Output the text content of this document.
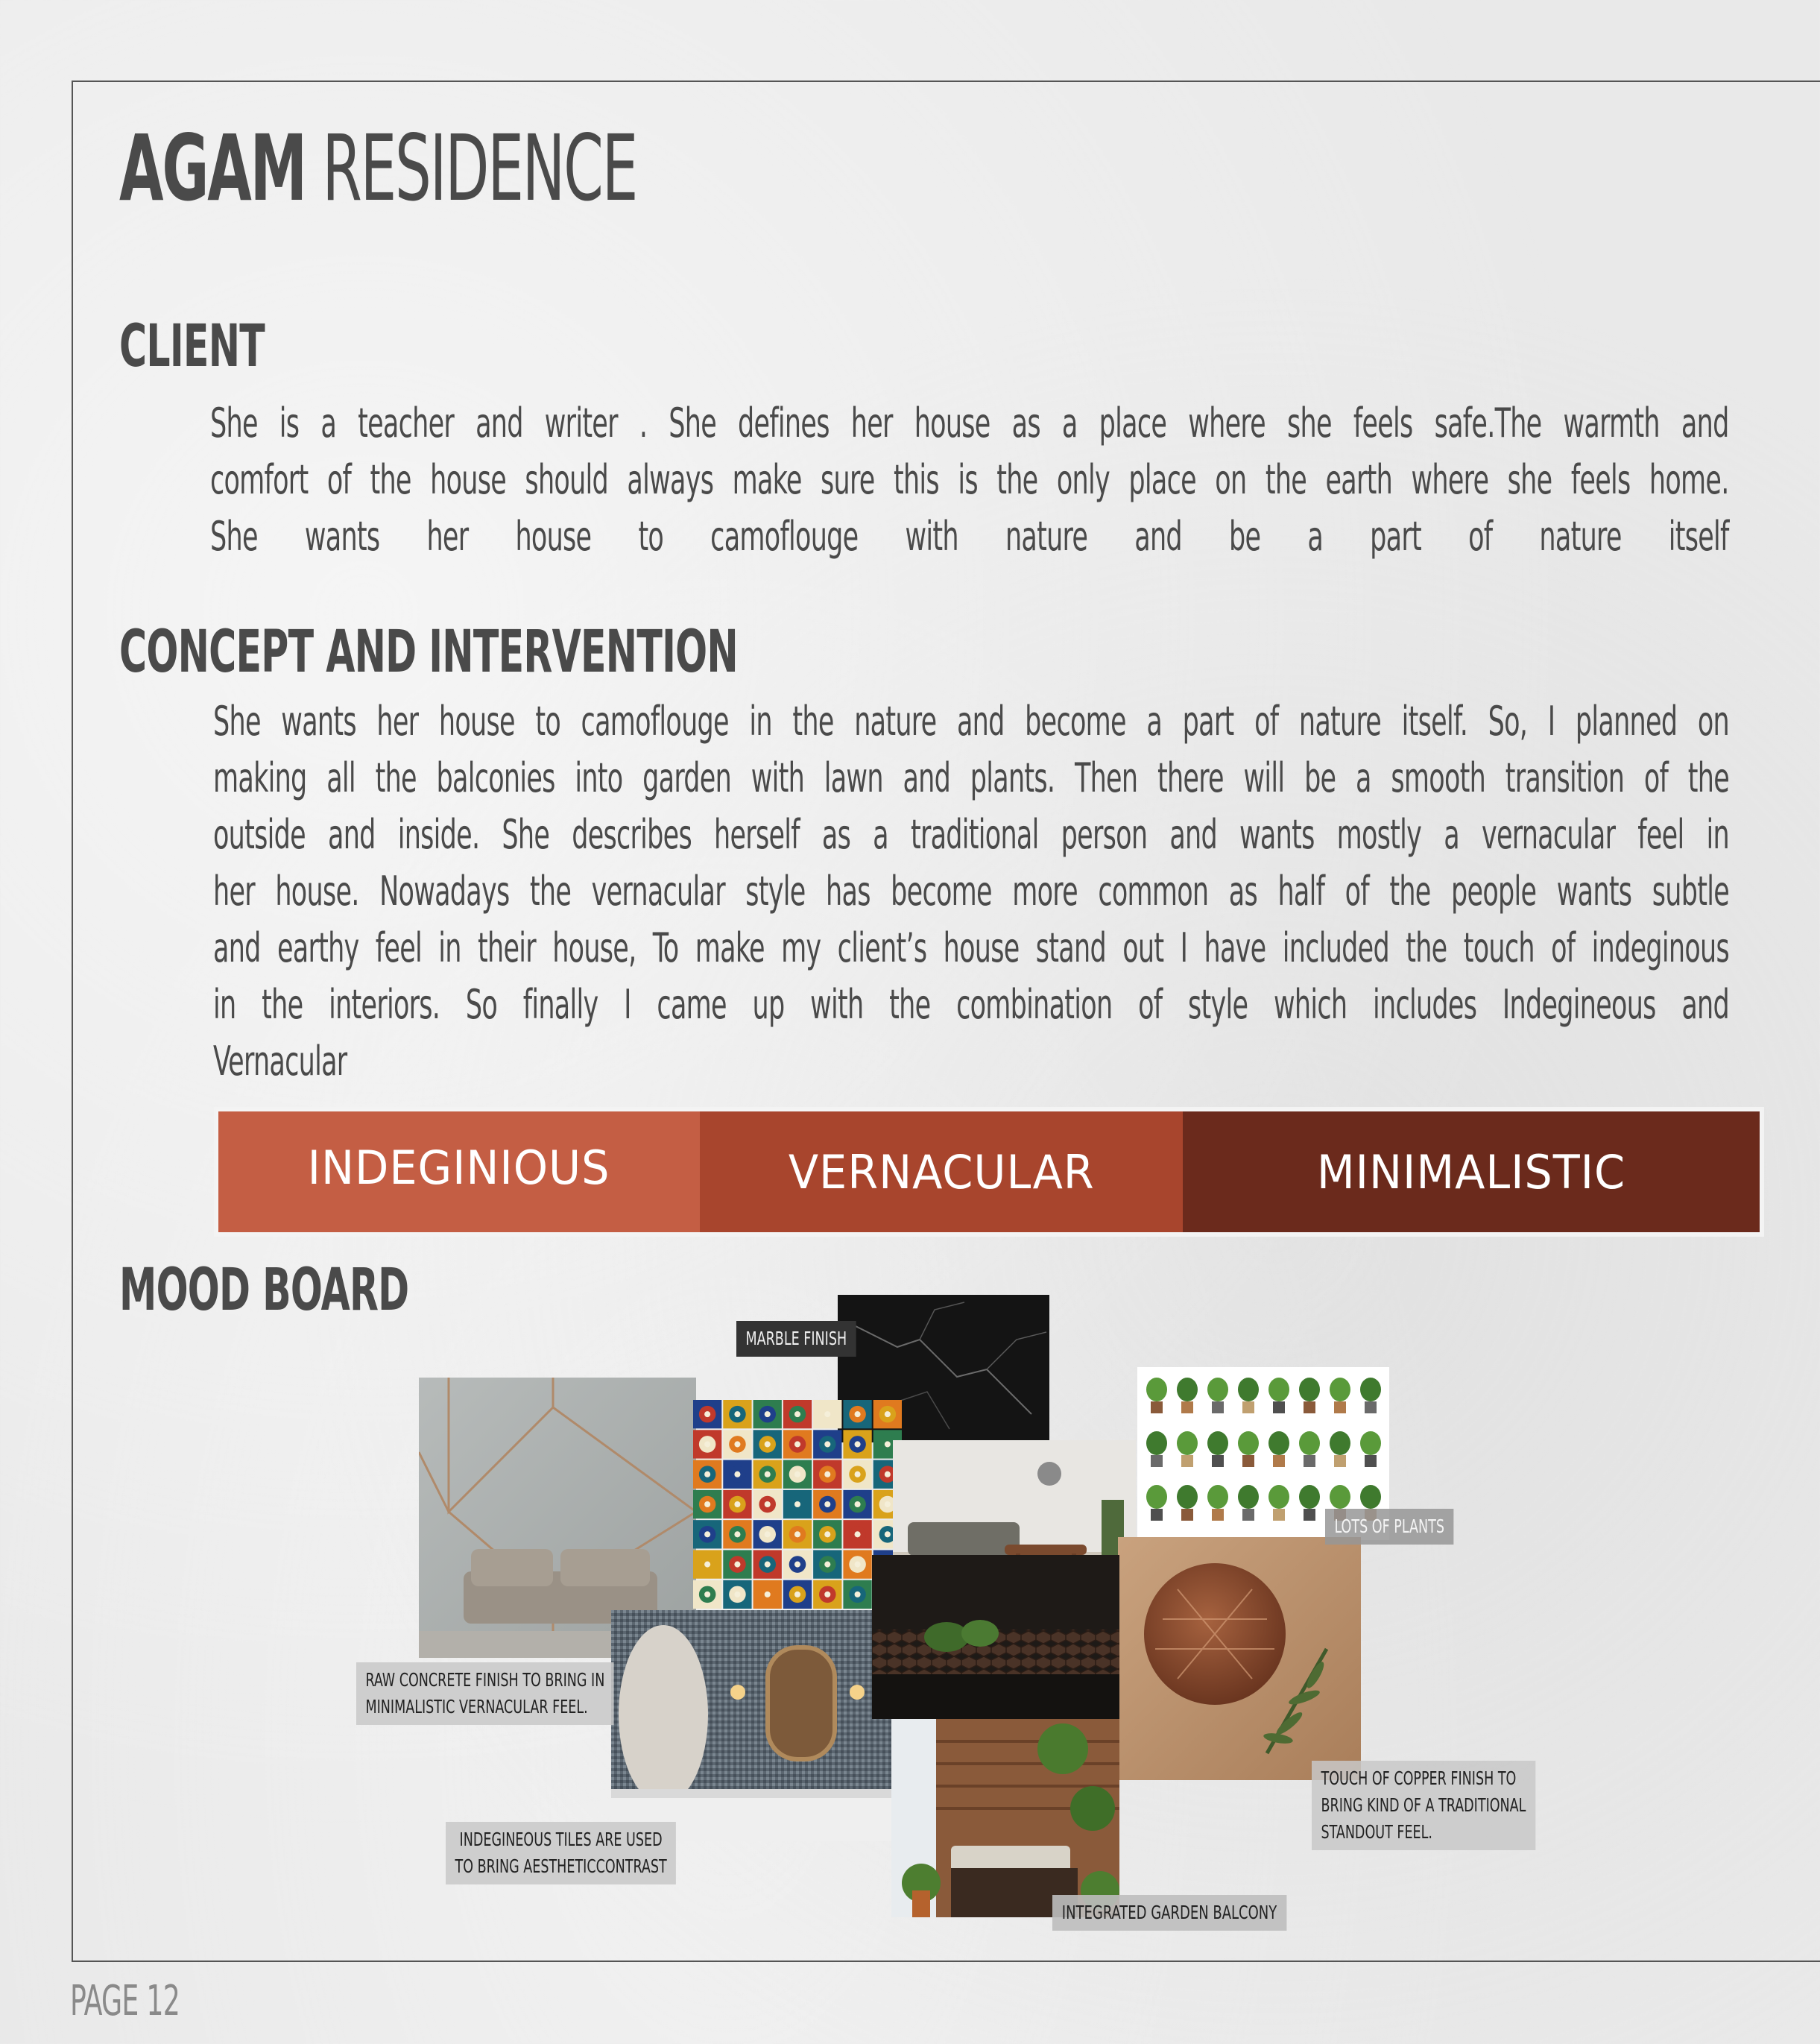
AGAM RESIDENCE
CLIENT
She is a teacher and writer . She defines her house as a place where she feels safe.The warmth and
comfort of the house should always make sure this is the only place on the earth where she feels home.
She wants her house to camoflouge with nature and be a part of nature itself
CONCEPT AND INTERVENTION
She wants her house to camoflouge in the nature and become a part of nature itself. So, I planned on
making all the balconies into garden with lawn and plants. Then there will be a smooth transition of the
outside and inside. She describes herself as a traditional person and wants mostly a vernacular feel in
her house. Nowadays the vernacular style has become more common as half of the people wants subtle
and earthy feel in their house, To make my client’s house stand out I have included the touch of indeginous
in the interiors. So finally I came up with the combination of style which includes Indegineous and
Vernacular
INDEGINIOUS	VERNACULAR	MINIMALISTIC
MOOD BOARD
MARBLE FINISH
LOTS OF PLANTS
RAW CONCRETE FINISH TO BRING IN
MINIMALISTIC VERNACULAR FEEL.
TOUCH OF COPPER FINISH TO
BRING KIND OF A TRADITIONAL
STANDOUT FEEL.
INDEGINEOUS TILES ARE USED
TO BRING AESTHETICCONTRAST
INTEGRATED GARDEN BALCONY

PAGE 12
